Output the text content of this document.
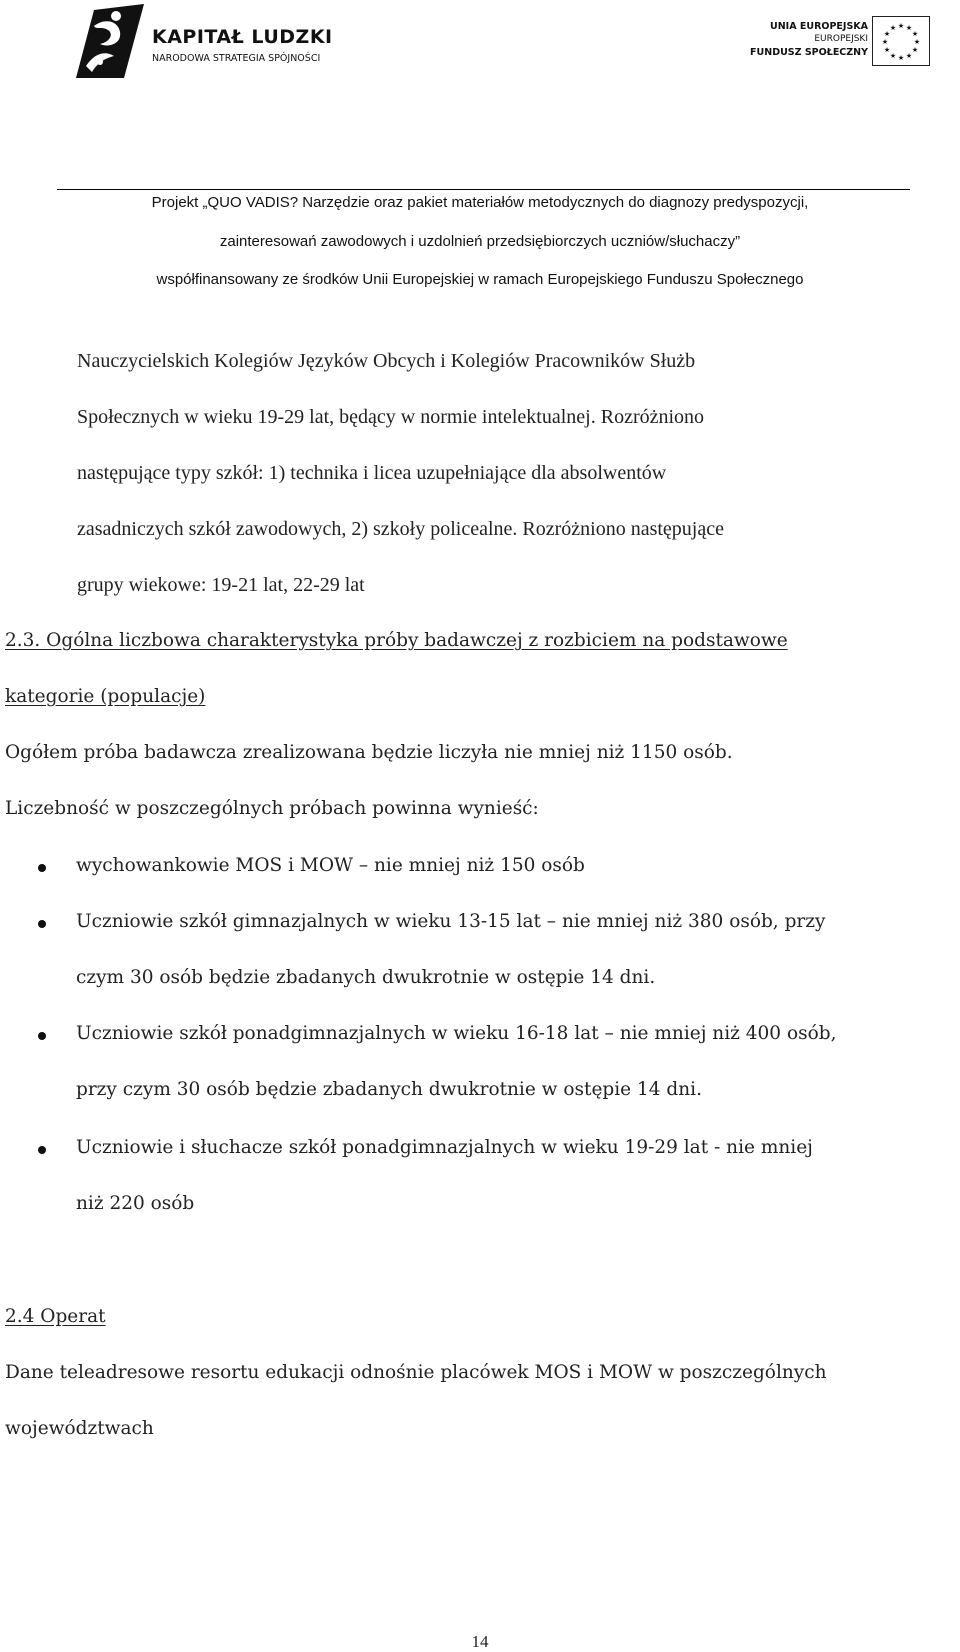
KAPITAŁ LUDZKI
NARODOWA STRATEGIA SPÓJNOŚCI
UNIA EUROPEJSKA
EUROPEJSKI
FUNDUSZ SPOŁECZNY
★ ★
★
★
★
★
★
★
★
★
★
★
Projekt „QUO VADIS? Narzędzie oraz pakiet materiałów metodycznych do diagnozy predyspozycji,
zainteresowań zawodowych i uzdolnień przedsiębiorczych uczniów/słuchaczy”
współfinansowany ze środków Unii Europejskiej w ramach Europejskiego Funduszu Społecznego
Nauczycielskich Kolegiów Języków Obcych i Kolegiów Pracowników Służb
Społecznych w wieku 19-29 lat, będący w normie intelektualnej. Rozróżniono
następujące typy szkół: 1) technika i licea uzupełniające dla absolwentów
zasadniczych szkół zawodowych, 2) szkoły policealne. Rozróżniono następujące
grupy wiekowe: 19-21 lat, 22-29 lat
2.3. Ogólna liczbowa charakterystyka próby badawczej z rozbiciem na podstawowe
kategorie (populacje)
Ogółem próba badawcza zrealizowana będzie liczyła nie mniej niż 1150 osób.
Liczebność w poszczególnych próbach powinna wynieść:
wychowankowie MOS i MOW – nie mniej niż 150 osób
Uczniowie szkół gimnazjalnych w wieku 13-15 lat – nie mniej niż 380 osób, przy
czym 30 osób będzie zbadanych dwukrotnie w ostępie 14 dni.
Uczniowie szkół ponadgimnazjalnych w wieku 16-18 lat – nie mniej niż 400 osób,
przy czym 30 osób będzie zbadanych dwukrotnie w ostępie 14 dni.
Uczniowie i słuchacze szkół ponadgimnazjalnych w wieku 19-29 lat - nie mniej
niż 220 osób
2.4 Operat
Dane teleadresowe resortu edukacji odnośnie placówek MOS i MOW w poszczególnych
województwach
14
